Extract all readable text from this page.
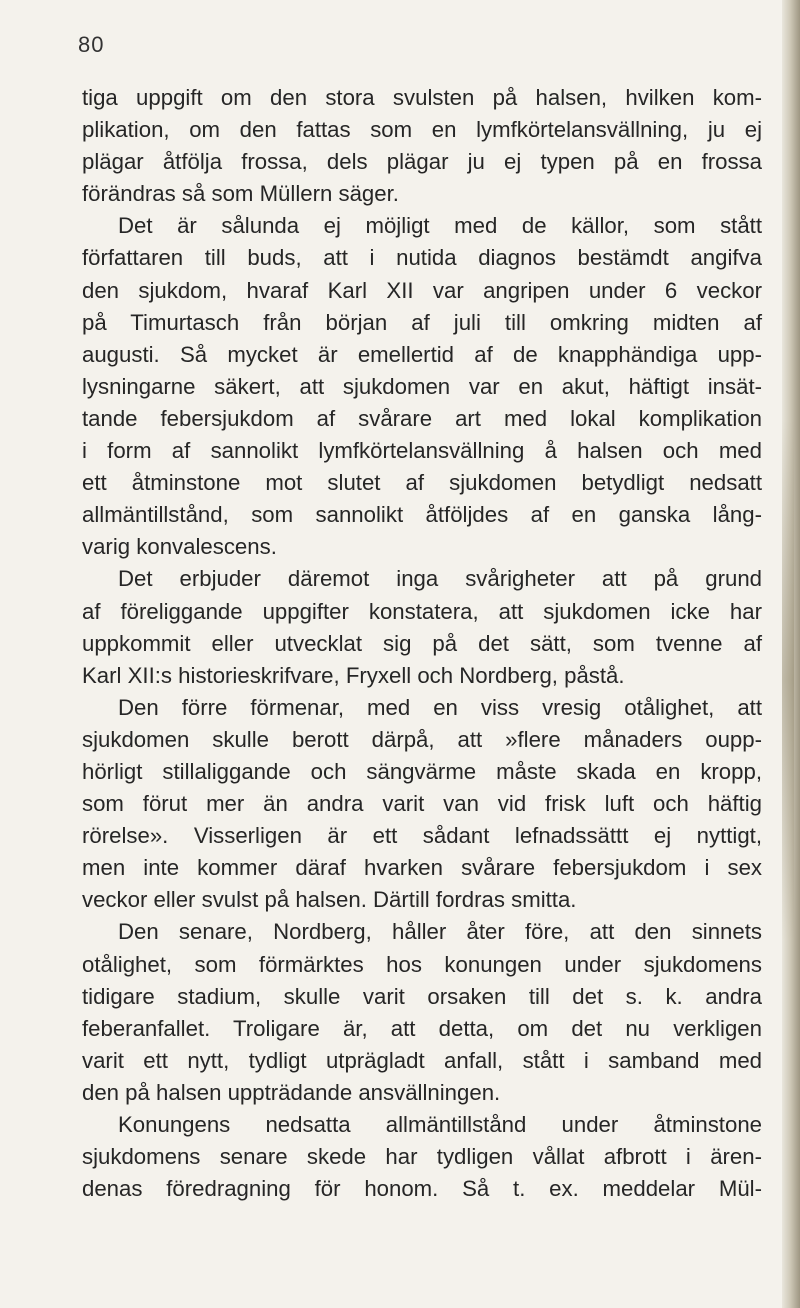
80
tiga uppgift om den stora svulsten på halsen, hvilken kom-
plikation, om den fattas som en lymfkörtelansvällning, ju ej
plägar åtfölja frossa, dels plägar ju ej typen på en frossa
förändras så som Müllern säger.
Det är sålunda ej möjligt med de källor, som stått
författaren till buds, att i nutida diagnos bestämdt angifva
den sjukdom, hvaraf Karl XII var angripen under 6 veckor
på Timurtasch från början af juli till omkring midten af
augusti. Så mycket är emellertid af de knapphändiga upp-
lysningarne säkert, att sjukdomen var en akut, häftigt insät-
tande febersjukdom af svårare art med lokal komplikation
i form af sannolikt lymfkörtelansvällning å halsen och med
ett åtminstone mot slutet af sjukdomen betydligt nedsatt
allmäntillstånd, som sannolikt åtföljdes af en ganska lång-
varig konvalescens.
Det erbjuder däremot inga svårigheter att på grund
af föreliggande uppgifter konstatera, att sjukdomen icke har
uppkommit eller utvecklat sig på det sätt, som tvenne af
Karl XII:s historieskrifvare, Fryxell och Nordberg, påstå.
Den förre förmenar, med en viss vresig otålighet, att
sjukdomen skulle berott därpå, att »flere månaders oupp-
hörligt stillaliggande och sängvärme måste skada en kropp,
som förut mer än andra varit van vid frisk luft och häftig
rörelse». Visserligen är ett sådant lefnadssättt ej nyttigt,
men inte kommer däraf hvarken svårare febersjukdom i sex
veckor eller svulst på halsen. Därtill fordras smitta.
Den senare, Nordberg, håller åter före, att den sinnets
otålighet, som förmärktes hos konungen under sjukdomens
tidigare stadium, skulle varit orsaken till det s. k. andra
feberanfallet. Troligare är, att detta, om det nu verkligen
varit ett nytt, tydligt utprägladt anfall, stått i samband med
den på halsen uppträdande ansvällningen.
Konungens nedsatta allmäntillstånd under åtminstone
sjukdomens senare skede har tydligen vållat afbrott i ären-
denas föredragning för honom. Så t. ex. meddelar Mül-
